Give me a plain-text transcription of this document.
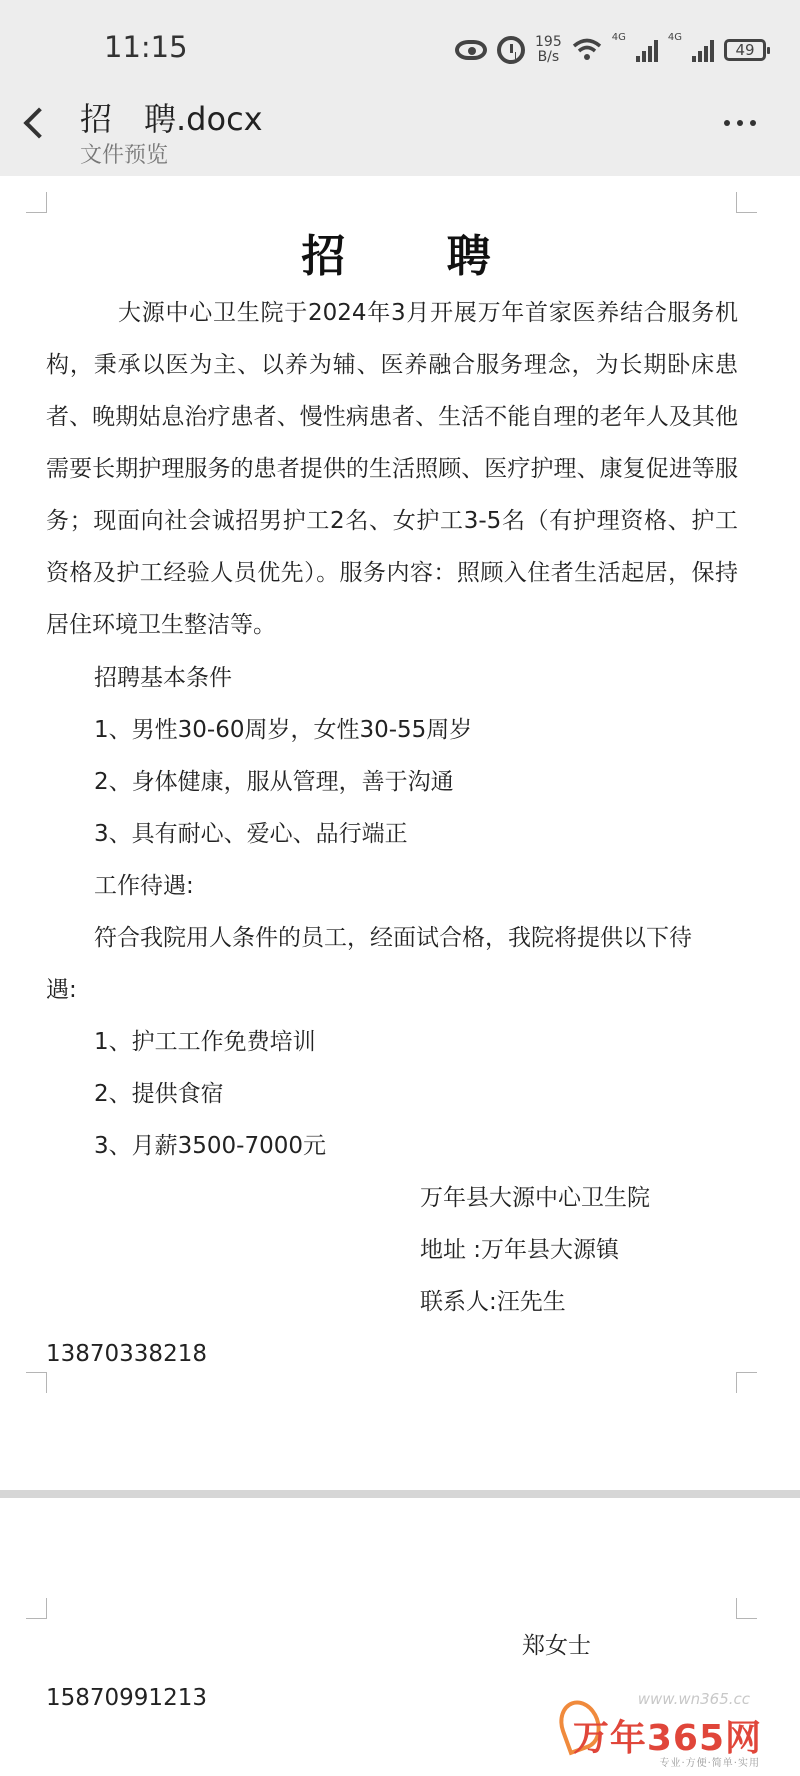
11:15	195
B/s
4G	4G
49
招　聘.docx
文件预览
招    聘
大源中心卫生院于2024年3月开展万年首家医养结合服务机构，秉承以医为主、以养为辅、医养融合服务理念，为长期卧床患者、晚期姑息治疗患者、慢性病患者、生活不能自理的老年人及其他需要长期护理服务的患者提供的生活照顾、医疗护理、康复促进等服务；现面向社会诚招男护工2名、女护工3-5名（有护理资格、护工资格及护工经验人员优先）。服务内容：照顾入住者生活起居，保持居住环境卫生整洁等。
招聘基本条件
1、男性30-60周岁，女性30-55周岁
2、身体健康，服从管理，善于沟通
3、具有耐心、爱心、品行端正
工作待遇:
符合我院用人条件的员工，经面试合格，我院将提供以下待
遇:
1、护工工作免费培训
2、提供食宿
3、月薪3500-7000元
万年县大源中心卫生院
地址 :万年县大源镇
联系人:汪先生
13870338218
郑女士
15870991213	www.wn365.cc
万年365网
专业·方便·简单·实用
